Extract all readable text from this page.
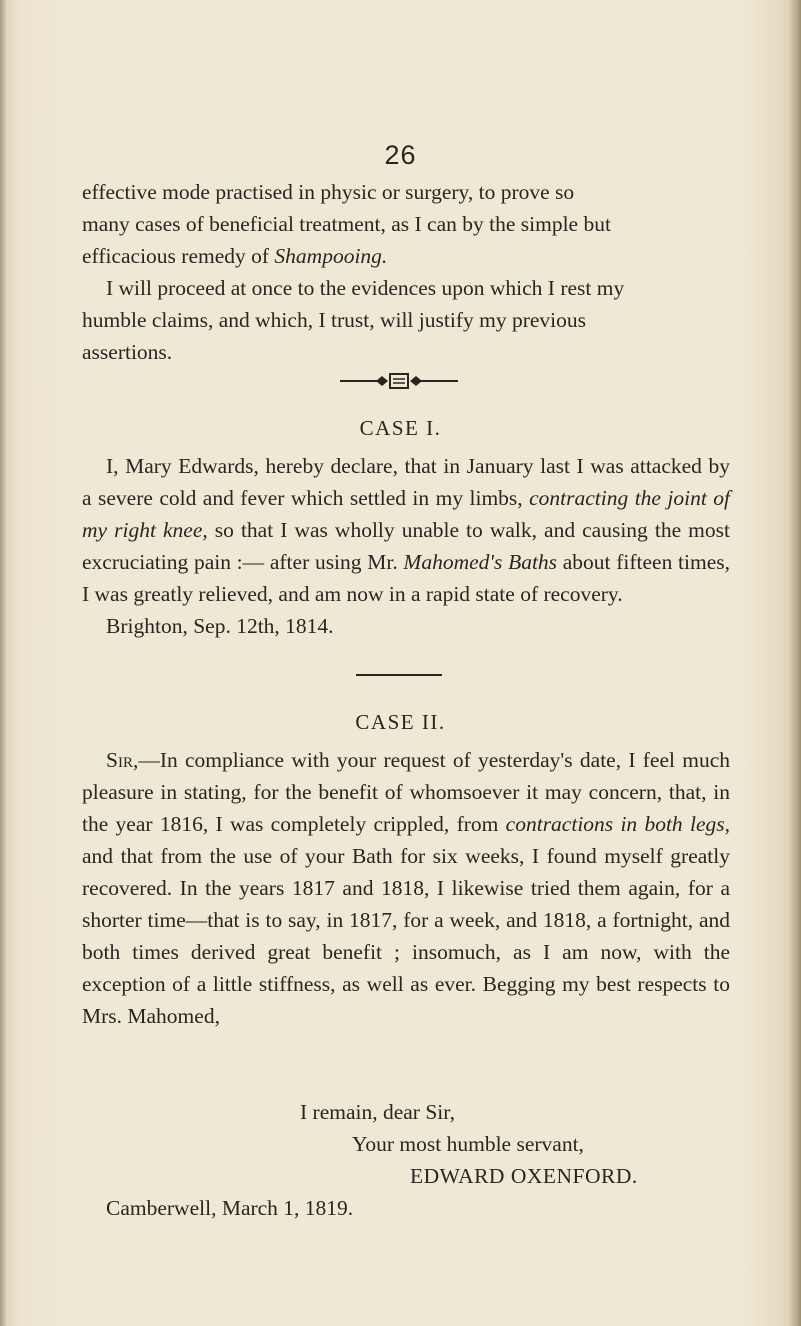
26

effective mode practised in physic or surgery, to prove so

many cases of beneficial treatment, as I can by the simple but

efficacious remedy of Shampooing.

I will proceed at once to the evidences upon which I rest my

humble claims, and which, I trust, will justify my previous

assertions.

CASE I.

I, Mary Edwards, hereby declare, that in January last I was attacked by a severe cold and fever which settled in my limbs, contracting the joint of my right knee, so that I was wholly unable to walk, and causing the most excruciating pain :— after using Mr. Mahomed's Baths about fifteen times, I was greatly relieved, and am now in a rapid state of recovery.

Brighton, Sep. 12th, 1814.

CASE II.

Sir,—In compliance with your request of yesterday's date, I feel much pleasure in stating, for the benefit of whomsoever it may concern, that, in the year 1816, I was completely crippled, from contractions in both legs, and that from the use of your Bath for six weeks, I found myself greatly recovered. In the years 1817 and 1818, I likewise tried them again, for a shorter time—that is to say, in 1817, for a week, and 1818, a fortnight, and both times derived great benefit ; insomuch, as I am now, with the exception of a little stiffness, as well as ever. Begging my best respects to Mrs. Mahomed,

I remain, dear Sir,
Your most humble servant,
EDWARD OXENFORD.
Camberwell, March 1, 1819.
